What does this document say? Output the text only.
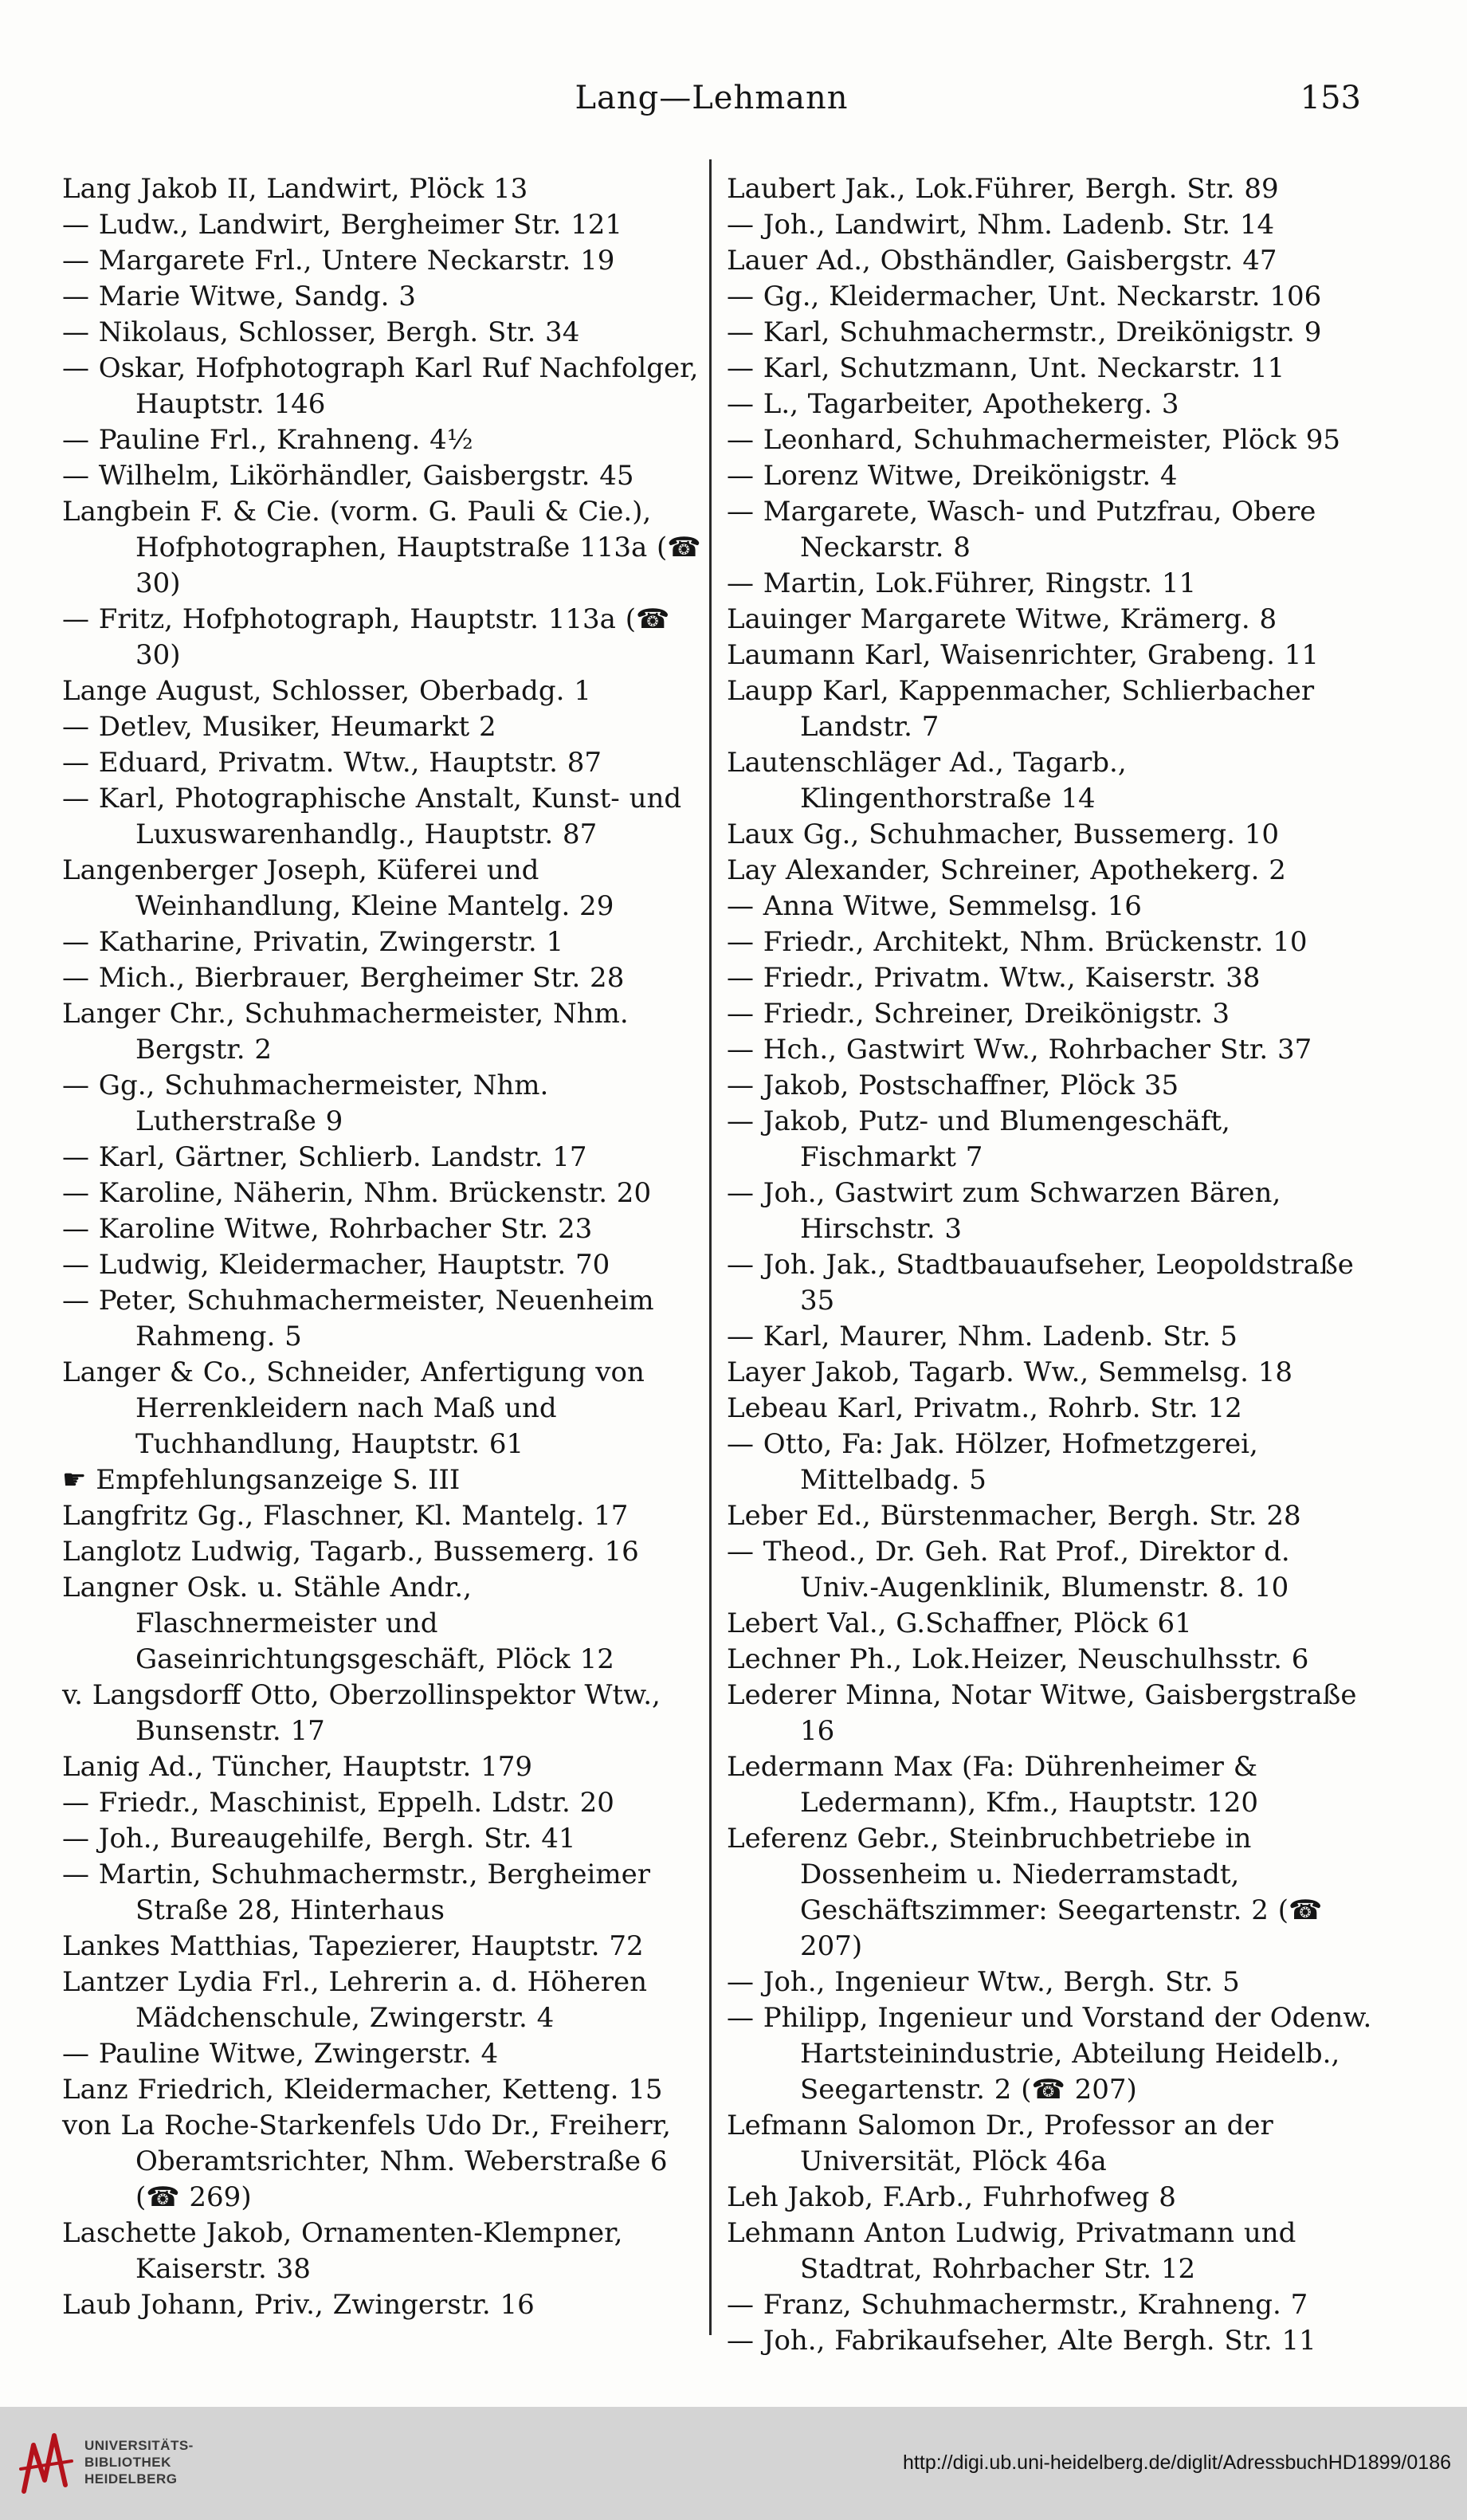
Lang—Lehmann	153
Lang Jakob II, Landwirt, Plöck 13
— Ludw., Landwirt, Bergheimer Str. 121
— Margarete Frl., Untere Neckarstr. 19
— Marie Witwe, Sandg. 3
— Nikolaus, Schlosser, Bergh. Str. 34
— Oskar, Hofphotograph Karl Ruf Nachfolger, Hauptstr. 146
— Pauline Frl., Krahneng. 4½
— Wilhelm, Likörhändler, Gaisbergstr. 45
Langbein F. & Cie. (vorm. G. Pauli & Cie.), Hofphotographen, Hauptstraße 113a (☎ 30)
— Fritz, Hofphotograph, Hauptstr. 113a (☎ 30)
Lange August, Schlosser, Oberbadg. 1
— Detlev, Musiker, Heumarkt 2
— Eduard, Privatm. Wtw., Hauptstr. 87
— Karl, Photographische Anstalt, Kunst- und Luxuswarenhandlg., Hauptstr. 87
Langenberger Joseph, Küferei und Weinhandlung, Kleine Mantelg. 29
— Katharine, Privatin, Zwingerstr. 1
— Mich., Bierbrauer, Bergheimer Str. 28
Langer Chr., Schuhmachermeister, Nhm. Bergstr. 2
— Gg., Schuhmachermeister, Nhm. Lutherstraße 9
— Karl, Gärtner, Schlierb. Landstr. 17
— Karoline, Näherin, Nhm. Brückenstr. 20
— Karoline Witwe, Rohrbacher Str. 23
— Ludwig, Kleidermacher, Hauptstr. 70
— Peter, Schuhmachermeister, Neuenheim Rahmeng. 5
Langer & Co., Schneider, Anfertigung von Herrenkleidern nach Maß und Tuchhandlung, Hauptstr. 61
☛ Empfehlungsanzeige S. III
Langfritz Gg., Flaschner, Kl. Mantelg. 17
Langlotz Ludwig, Tagarb., Bussemerg. 16
Langner Osk. u. Stähle Andr., Flaschnermeister und Gaseinrichtungsgeschäft, Plöck 12
v. Langsdorff Otto, Oberzollinspektor Wtw., Bunsenstr. 17
Lanig Ad., Tüncher, Hauptstr. 179
— Friedr., Maschinist, Eppelh. Ldstr. 20
— Joh., Bureaugehilfe, Bergh. Str. 41
— Martin, Schuhmachermstr., Bergheimer Straße 28, Hinterhaus
Lankes Matthias, Tapezierer, Hauptstr. 72
Lantzer Lydia Frl., Lehrerin a. d. Höheren Mädchenschule, Zwingerstr. 4
— Pauline Witwe, Zwingerstr. 4
Lanz Friedrich, Kleidermacher, Ketteng. 15
von La Roche-Starkenfels Udo Dr., Freiherr, Oberamtsrichter, Nhm. Weberstraße 6 (☎ 269)
Laschette Jakob, Ornamenten-Klempner, Kaiserstr. 38
Laub Johann, Priv., Zwingerstr. 16
Laubert Jak., Lok.Führer, Bergh. Str. 89
— Joh., Landwirt, Nhm. Ladenb. Str. 14
Lauer Ad., Obsthändler, Gaisbergstr. 47
— Gg., Kleidermacher, Unt. Neckarstr. 106
— Karl, Schuhmachermstr., Dreikönigstr. 9
— Karl, Schutzmann, Unt. Neckarstr. 11
— L., Tagarbeiter, Apothekerg. 3
— Leonhard, Schuhmachermeister, Plöck 95
— Lorenz Witwe, Dreikönigstr. 4
— Margarete, Wasch- und Putzfrau, Obere Neckarstr. 8
— Martin, Lok.Führer, Ringstr. 11
Lauinger Margarete Witwe, Krämerg. 8
Laumann Karl, Waisenrichter, Grabeng. 11
Laupp Karl, Kappenmacher, Schlierbacher Landstr. 7
Lautenschläger Ad., Tagarb., Klingenthorstraße 14
Laux Gg., Schuhmacher, Bussemerg. 10
Lay Alexander, Schreiner, Apothekerg. 2
— Anna Witwe, Semmelsg. 16
— Friedr., Architekt, Nhm. Brückenstr. 10
— Friedr., Privatm. Wtw., Kaiserstr. 38
— Friedr., Schreiner, Dreikönigstr. 3
— Hch., Gastwirt Ww., Rohrbacher Str. 37
— Jakob, Postschaffner, Plöck 35
— Jakob, Putz- und Blumengeschäft, Fischmarkt 7
— Joh., Gastwirt zum Schwarzen Bären, Hirschstr. 3
— Joh. Jak., Stadtbauaufseher, Leopoldstraße 35
— Karl, Maurer, Nhm. Ladenb. Str. 5
Layer Jakob, Tagarb. Ww., Semmelsg. 18
Lebeau Karl, Privatm., Rohrb. Str. 12
— Otto, Fa: Jak. Hölzer, Hofmetzgerei, Mittelbadg. 5
Leber Ed., Bürstenmacher, Bergh. Str. 28
— Theod., Dr. Geh. Rat Prof., Direktor d. Univ.-Augenklinik, Blumenstr. 8. 10
Lebert Val., G.Schaffner, Plöck 61
Lechner Ph., Lok.Heizer, Neuschulhsstr. 6
Lederer Minna, Notar Witwe, Gaisbergstraße 16
Ledermann Max (Fa: Dührenheimer & Ledermann), Kfm., Hauptstr. 120
Leferenz Gebr., Steinbruchbetriebe in Dossenheim u. Niederramstadt, Geschäftszimmer: Seegartenstr. 2 (☎ 207)
— Joh., Ingenieur Wtw., Bergh. Str. 5
— Philipp, Ingenieur und Vorstand der Odenw. Hartsteinindustrie, Abteilung Heidelb., Seegartenstr. 2 (☎ 207)
Lefmann Salomon Dr., Professor an der Universität, Plöck 46a
Leh Jakob, F.Arb., Fuhrhofweg 8
Lehmann Anton Ludwig, Privatmann und Stadtrat, Rohrbacher Str. 12
— Franz, Schuhmachermstr., Krahneng. 7
— Joh., Fabrikaufseher, Alte Bergh. Str. 11
UNIVERSITÄTS-
BIBLIOTHEK
HEIDELBERG
http://digi.ub.uni-heidelberg.de/diglit/AdressbuchHD1899/0186
